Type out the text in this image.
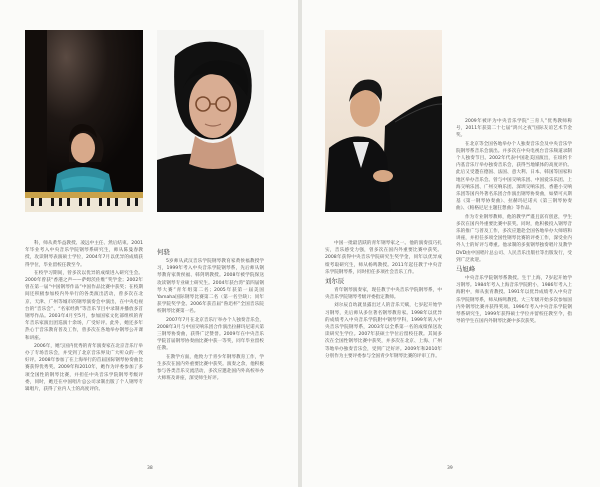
科，师从黄华益教授、凌远中主任、然后结束。2001年毕业考入中央音乐学院钢琴系研究生，师从陈曼春教授，攻读钢琴表演硕士学位，2004年7月以优异的成绩获得学位，毕业留校任教至今。

在校学习期间，曾多次以优异的成绩进入研究生会。2000年曾获“香港之声——萨姆茨佐维”奖学金；2002年曾在第一届“中国钢琴作品”中国作品比赛中获奖；在校期间还积极参加校内外举行的各类演出活动，曾多次在北京、天津、广州等城市的钢琴演奏会中演出，在中央电视台的“音乐会”、“名家经典”等音乐节目中录制并播放多首钢琴作品。2003年4月至5月，参加国家文化部组织的青年音乐家演出团巡演十余场，广受好评。此外，她还多年热心于音乐教育普及工作，曾多次在各地举办钢琴公开课和讲座。

2006年，她与国内优秀的青年演奏家在北京音乐厅举办了专场音乐会，并受到了北京音乐界及广大听众的一致好评。2008年参加了在上海举行的首届国际钢琴协奏曲比赛获得优秀奖。2009年和2010年，她作为评委参加了多项全国性的钢琴比赛，并担任中央音乐学院钢琴考级评委，同时，她还在中国唱片总公司录制出版了个人钢琴专辑唱片，获得了业内人士的高度评价。

何骁

5岁师从武汉音乐学院钢琴教育家黄侯福教授学习，1999年考入中央音乐学院钢琴系，先后师从钢琴教育家黄侯福、韩剑明教授。2008年被学院保送攻读钢琴专业硕士研究生。2004年获台湾“第四届钢琴大赛”青年组第二名；2005年获第一届美国Yamaha国际钢琴比赛第二名（第一名空缺）；同年获学院奖学金。2006年获首届“鲁迅杯”全国音乐院校钢琴比赛第一名。

2007年7月在北京音乐厅举办个人独奏音乐会，2008年3月与中国交响乐团合作演出拉赫玛尼诺夫第三钢琴协奏曲，获得广泛赞誉。2009年在中央音乐学院首届钢琴协奏曲比赛中获一等奖，同年毕业留校任教。

在教学方面，他致力于青少年钢琴教育工作，学生多次在国内外重要比赛中获奖。演奏之余，他积极参与各类音乐交流活动，多次应邀赴国内外高校举办大师班及讲座，深受师生好评。

中国一批最活跃的青年钢琴家之一。他的演奏技巧扎实，音乐感受力强，曾多次在国内外重要比赛中获奖。2008年获得中央音乐学院研究生奖学金，同年以优异成绩考取研究生，师从杨鸣教授。2011年起任教于中央音乐学院钢琴系，同时担任多项社会音乐工作。

刘尔辰

青年钢琴演奏家，现任教于中央音乐学院钢琴系，中央音乐学院钢琴考级评委指定教师。

刘尔辰自幼就显露出过人的音乐天赋，七岁起开始学习钢琴，先后师从多位著名钢琴教育家。1998年以优异的成绩考入中央音乐学院附中钢琴学科，1999年转入中央音乐学院钢琴系，2003年以全系第一名的成绩保送攻读研究生学位。2007年获硕士学位后留校任教。其间多次在全国性钢琴比赛中获奖，并多次在北京、上海、广州等地举办独奏音乐会，受到广泛好评。2009年和2010年分别作为主要评委参与全国青少年钢琴比赛的评审工作。

2009年被评为中央音乐学院“三育人”优秀教师称号，2011年获第二十七届“鸿兴之夜”国际友谊艺术节金奖。

在北京等全国各地举办个人独奏音乐会及中央音乐学院钢琴系音乐会演出。并多次在中央电视台音乐频道录制个人独奏节目。2002年代表中国赴美国演出，在纽约卡内基音乐厅举办独奏音乐会，获得当地媒体的高度评价。此后又受邀在德国、法国、意大利、日本、韩国等国家和地区举办音乐会。曾与中国交响乐团、中国爱乐乐团、上海交响乐团、广州交响乐团、深圳交响乐团、香港小交响乐团等国内外著名乐团合作演出钢琴协奏曲，如柴可夫斯基《第一钢琴协奏曲》、拉赫玛尼诺夫《第三钢琴协奏曲》、《帕格尼尼主题狂想曲》等作品。

作为专业钢琴教师，他的教学严谨且富有创意，学生多次在国内外重要比赛中获奖。同时，他积极投入钢琴音乐的推广与普及工作，多次应邀赴全国各地举办大师班和讲座，并担任多项全国性钢琴比赛的评委工作，深受业内外人士的好评与尊重。他录制的多张钢琴独奏唱片及教学DVD由中国唱片总公司、人民音乐出版社等出版发行，受到广泛欢迎。

马旭峰

中央音乐学院钢琴系教授。生于上海，7岁起开始学习钢琴。1984年考入上海音乐学院附小，1986年考入上海附中，师从张青教授。1991年以优异成绩考入中央音乐学院钢琴系，师从杨鸣教授。大三年级开始多次参加国内外钢琴比赛并获得奖项。1996年考入中央音乐学院钢琴系研究生，1999年获得硕士学位并留校任教至今，指导的学生在国内外钢琴比赛中多次获奖。

38	39
